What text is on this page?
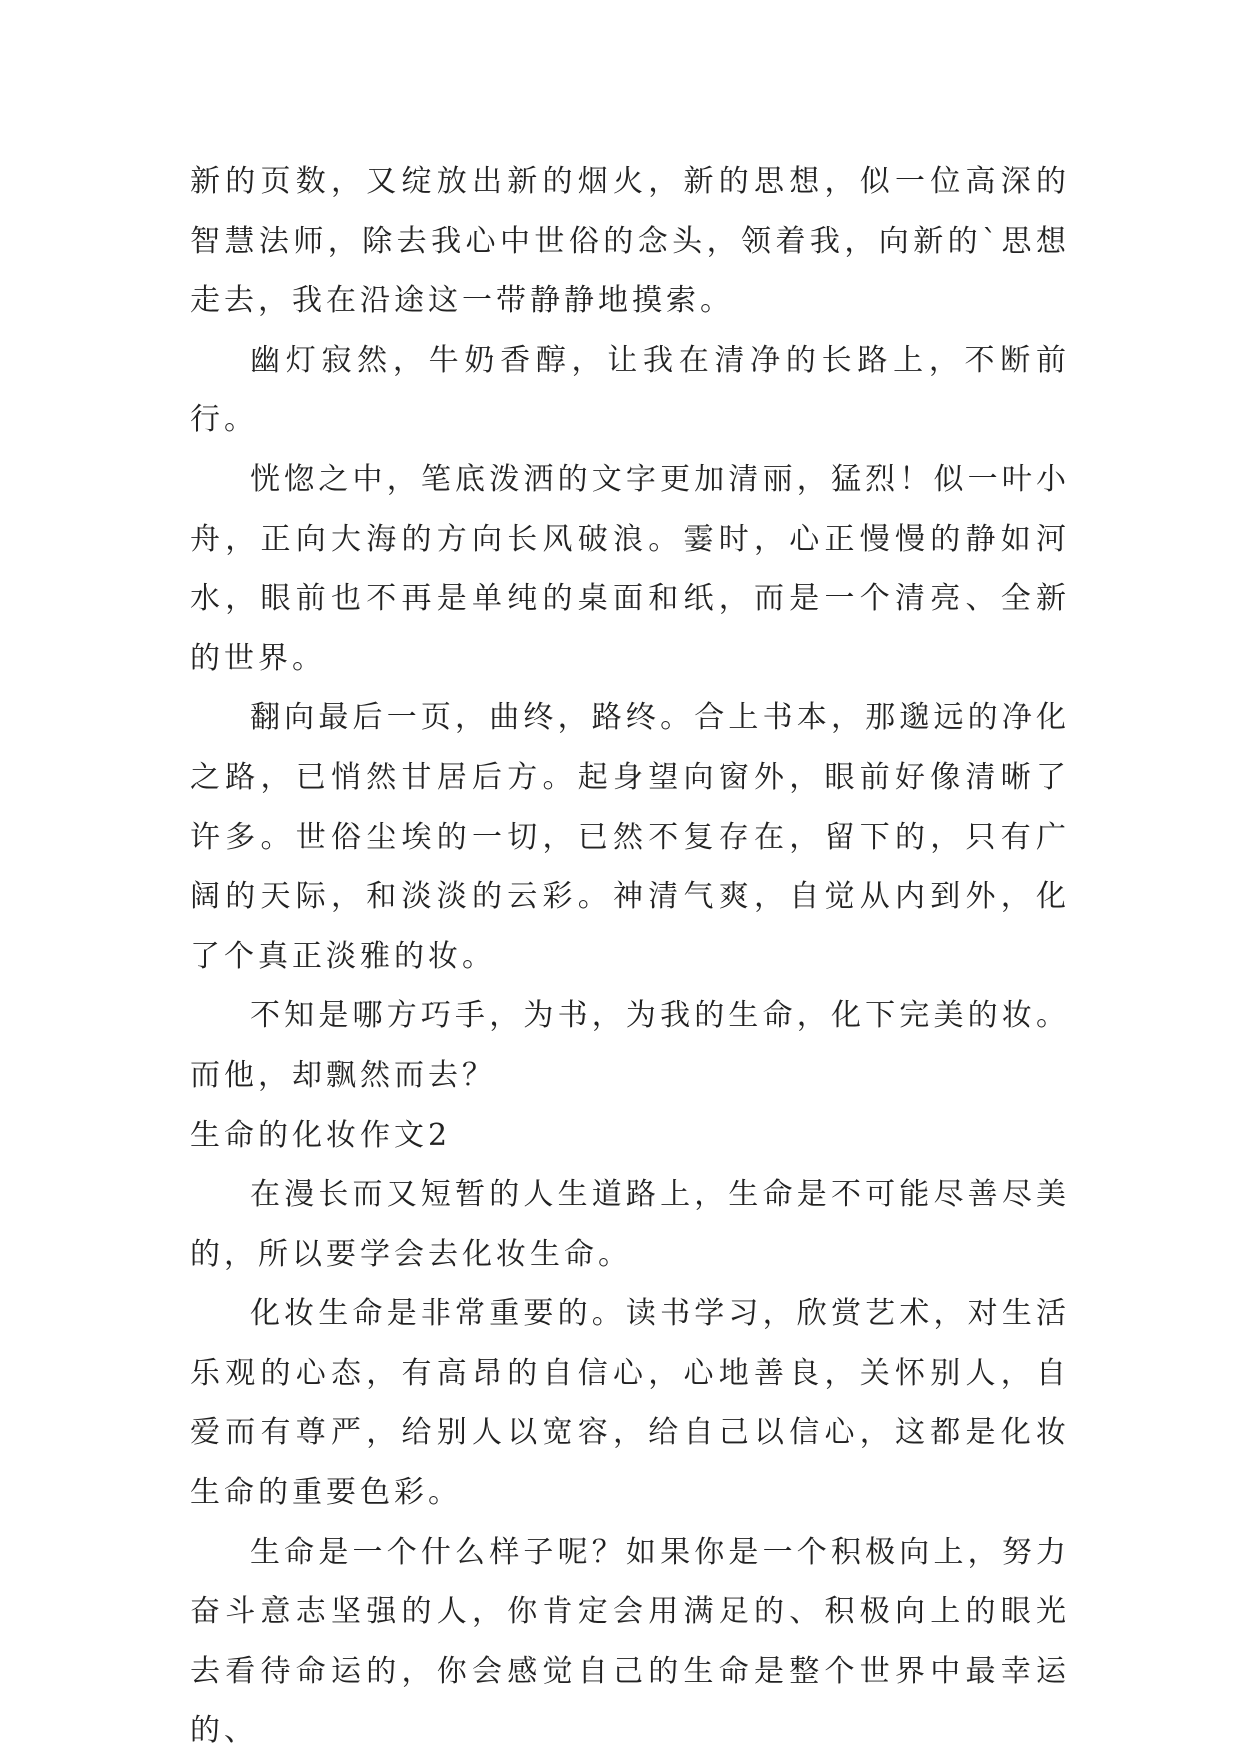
新的页数，又绽放出新的烟火，新的思想，似一位高深的智慧法师，除去我心中世俗的念头，领着我，向新的`思想走去，我在沿途这一带静静地摸索。

幽灯寂然，牛奶香醇，让我在清净的长路上，不断前行。

恍惚之中，笔底泼洒的文字更加清丽，猛烈！似一叶小舟，正向大海的方向长风破浪。霎时，心正慢慢的静如河水，眼前也不再是单纯的桌面和纸，而是一个清亮、全新的世界。

翻向最后一页，曲终，路终。合上书本，那邈远的净化之路，已悄然甘居后方。起身望向窗外，眼前好像清晰了许多。世俗尘埃的一切，已然不复存在，留下的，只有广阔的天际，和淡淡的云彩。神清气爽，自觉从内到外，化了个真正淡雅的妆。

不知是哪方巧手，为书，为我的生命，化下完美的妆。而他，却飘然而去？

生命的化妆作文2

在漫长而又短暂的人生道路上，生命是不可能尽善尽美的，所以要学会去化妆生命。

化妆生命是非常重要的。读书学习，欣赏艺术，对生活乐观的心态，有高昂的自信心，心地善良，关怀别人，自爱而有尊严，给别人以宽容，给自己以信心，这都是化妆生命的重要色彩。

生命是一个什么样子呢？如果你是一个积极向上，努力奋斗意志坚强的人，你肯定会用满足的、积极向上的眼光去看待命运的，你会感觉自己的生命是整个世界中最幸运的、
